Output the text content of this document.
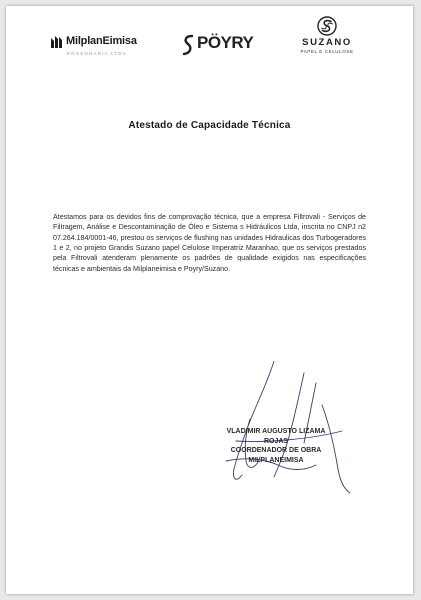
MilplanEimisa
ENGENHARIA LTDA
PÖYRY	SUZANO
PAPEL E CELULOSE
Atestado de Capacidade Técnica

Atestamos para os devidos fins de comprovação técnica, que a empresa Filtrovali - Serviços de Filtragem, Análise e Descontaminação de Óleo e Sistema s Hidráulicos Ltda, inscrita no CNPJ n2 07.264.184/0001-46, prestou os serviços de flushing nas unidades Hidraulicas dos Turbogeradores 1 e 2, no projeto Grandis Suzano papel Celulose Imperatriz Maranhao, que os serviços prestados pela Filtrovali atenderam plenamente os padrões de qualidade exigidos nas especificações técnicas e ambientais da Milplaneimisa e Poyry/Suzano.

VLADIMIR AUGUSTO LIZAMA
ROJAS
COORDENADOR DE OBRA
MILPLANEIMISA
